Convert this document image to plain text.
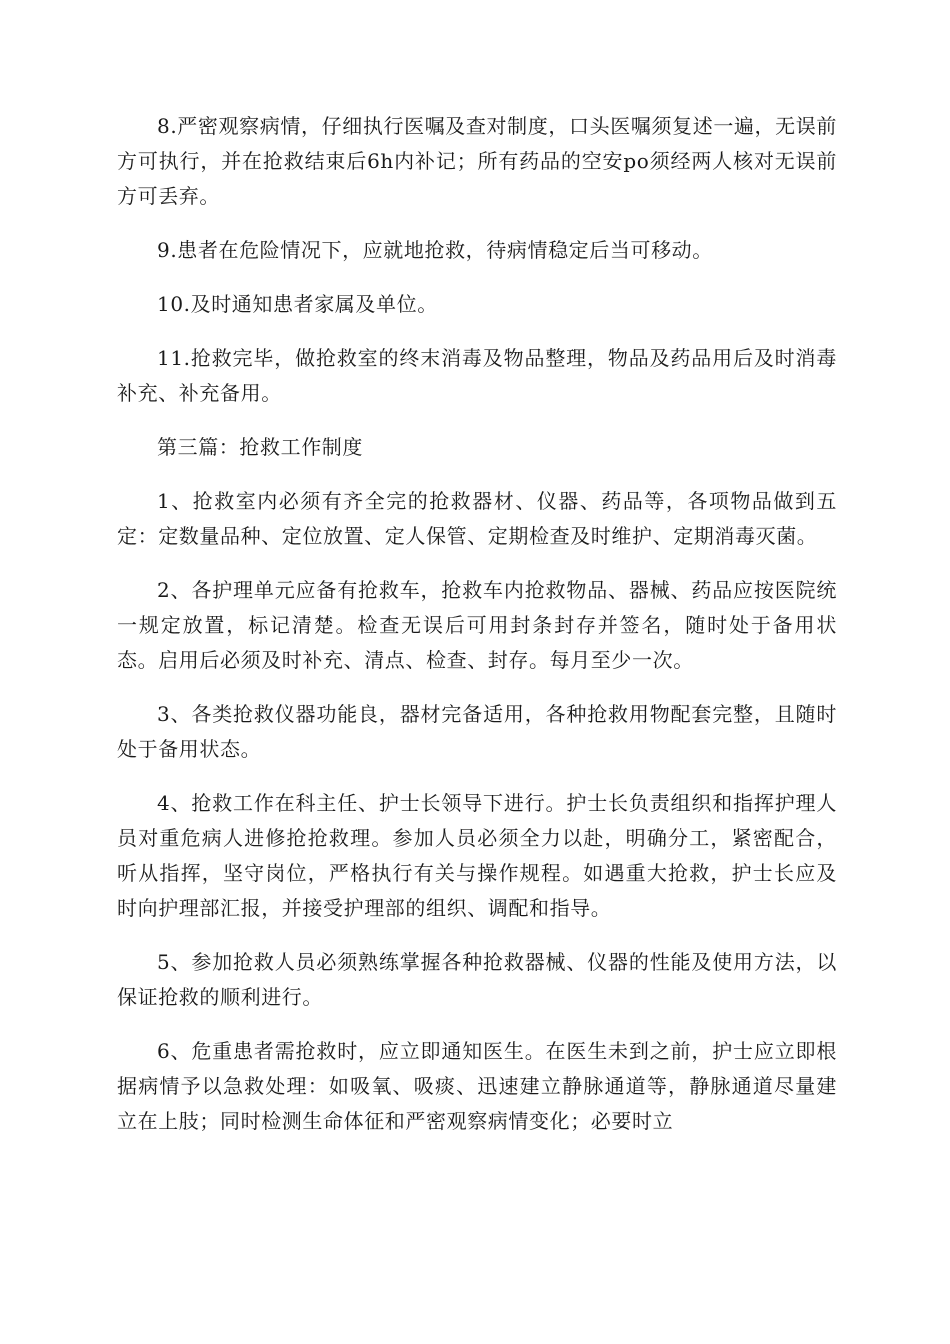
8.严密观察病情，仔细执行医嘱及查对制度，口头医嘱须复述一遍，无误前方可执行，并在抢救结束后6h内补记；所有药品的空安po须经两人核对无误前方可丢弃。

9.患者在危险情况下，应就地抢救，待病情稳定后当可移动。

10.及时通知患者家属及单位。

11.抢救完毕，做抢救室的终末消毒及物品整理，物品及药品用后及时消毒补充、补充备用。

第三篇：抢救工作制度

1、抢救室内必须有齐全完的抢救器材、仪器、药品等，各项物品做到五定：定数量品种、定位放置、定人保管、定期检查及时维护、定期消毒灭菌。

2、各护理单元应备有抢救车，抢救车内抢救物品、器械、药品应按医院统一规定放置，标记清楚。检查无误后可用封条封存并签名，随时处于备用状态。启用后必须及时补充、清点、检查、封存。每月至少一次。

3、各类抢救仪器功能良，器材完备适用，各种抢救用物配套完整，且随时处于备用状态。

4、抢救工作在科主任、护士长领导下进行。护士长负责组织和指挥护理人员对重危病人进修抢抢救理。参加人员必须全力以赴，明确分工，紧密配合，听从指挥，坚守岗位，严格执行有关与操作规程。如遇重大抢救，护士长应及时向护理部汇报，并接受护理部的组织、调配和指导。

5、参加抢救人员必须熟练掌握各种抢救器械、仪器的性能及使用方法，以保证抢救的顺利进行。

6、危重患者需抢救时，应立即通知医生。在医生未到之前，护士应立即根据病情予以急救处理：如吸氧、吸痰、迅速建立静脉通道等，静脉通道尽量建立在上肢；同时检测生命体征和严密观察病情变化；必要时立
